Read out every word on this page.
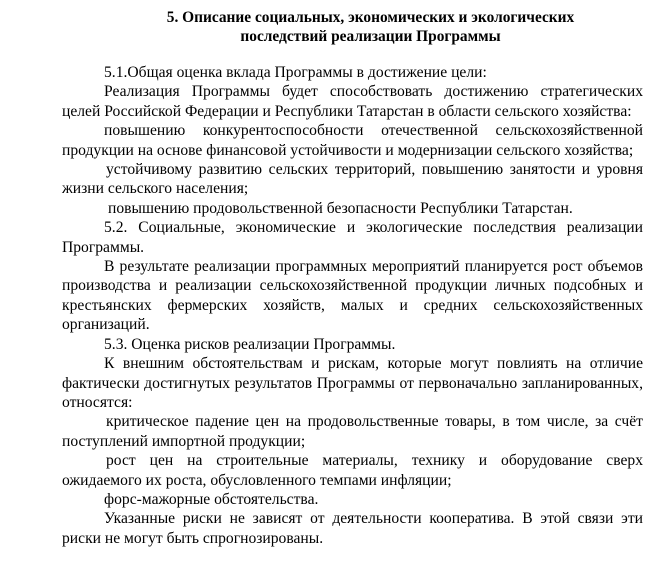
5. Описание социальных, экономических и экологических
последствий реализации Программы

5.1.Общая оценка вклада Программы в достижение цели:

Реализация Программы будет способствовать достижению стратегических целей Российской Федерации и Республики Татарстан в области сельского хозяйства:

повышению конкурентоспособности отечественной сельскохозяйственной продукции на основе финансовой устойчивости и модернизации сельского хозяйства;

устойчивому развитию сельских территорий, повышению занятости и уровня жизни сельского населения;

повышению продовольственной безопасности Республики Татарстан.

5.2. Социальные, экономические и экологические последствия реализации Программы.

В результате реализации программных мероприятий планируется рост объемов производства и реализации сельскохозяйственной продукции личных подсобных и крестьянских фермерских хозяйств, малых и средних сельскохозяйственных организаций.

5.3. Оценка рисков реализации Программы.

К внешним обстоятельствам и рискам, которые могут повлиять на отличие фактически достигнутых результатов Программы от первоначально запланированных, относятся:

критическое падение цен на продовольственные товары, в том числе, за счёт поступлений импортной продукции;

рост цен на строительные материалы, технику и оборудование сверх ожидаемого их роста, обусловленного темпами инфляции;

форс-мажорные обстоятельства.

Указанные риски не зависят от деятельности кооператива. В этой связи эти риски не могут быть спрогнозированы.
